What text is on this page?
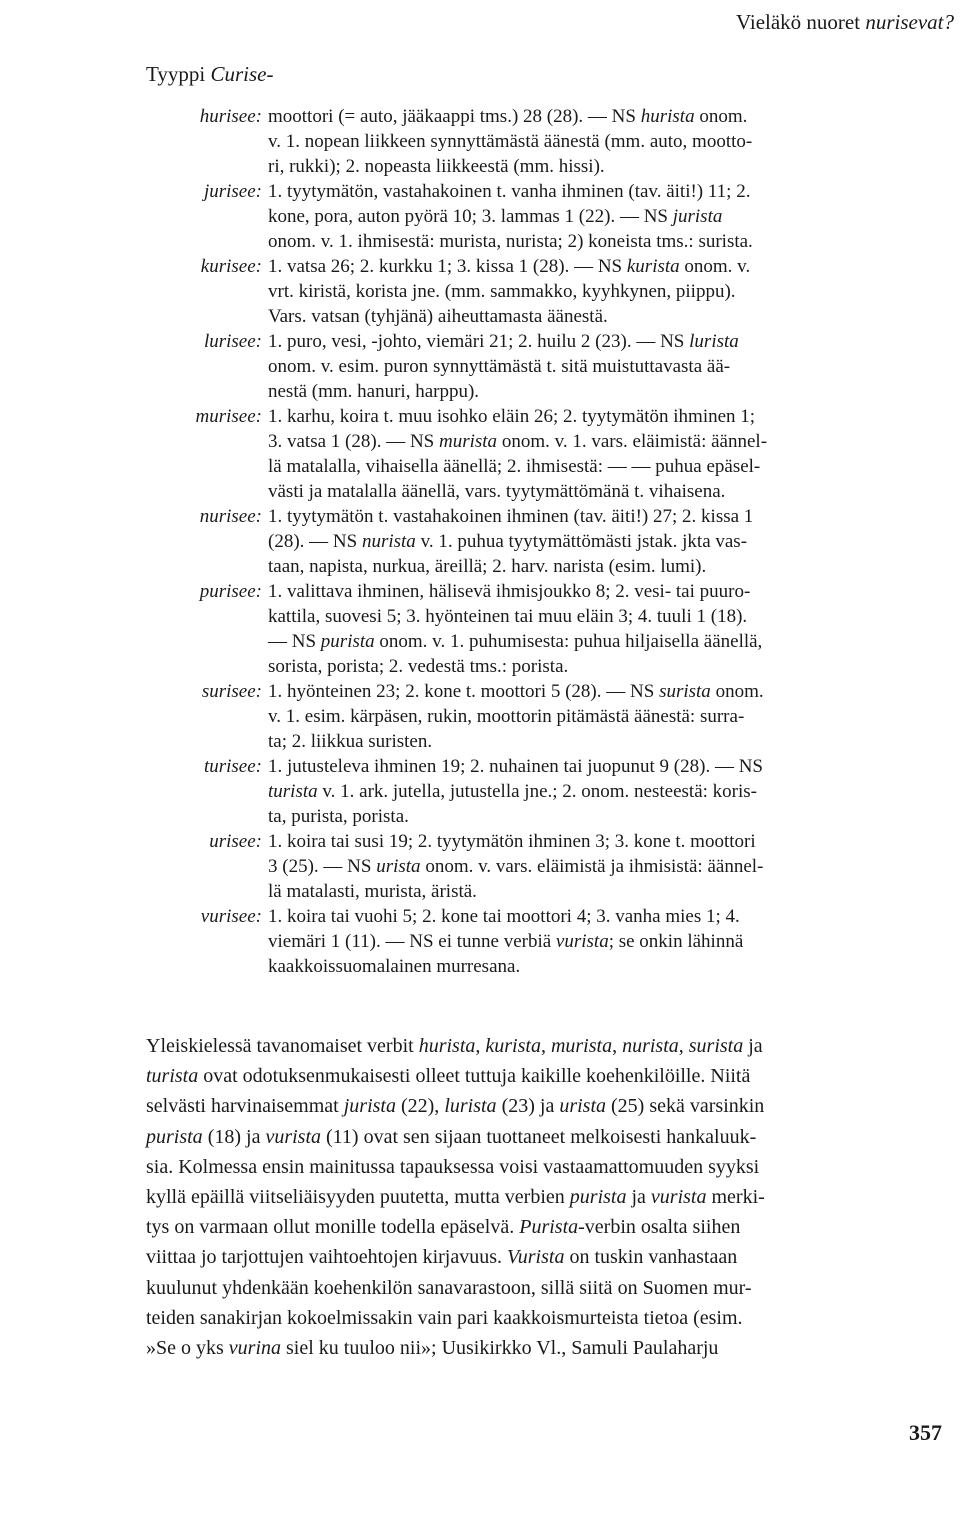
Vieläkö nuoret nurisevat?
Tyyppi Curise-
hurisee: moottori (= auto, jääkaappi tms.) 28 (28). — NS hurista onom.
v. 1. nopean liikkeen synnyttämästä äänestä (mm. auto, mootto-
ri, rukki); 2. nopeasta liikkeestä (mm. hissi).
jurisee: 1. tyytymätön, vastahakoinen t. vanha ihminen (tav. äiti!) 11; 2.
kone, pora, auton pyörä 10; 3. lammas 1 (22). — NS jurista
onom. v. 1. ihmisestä: murista, nurista; 2) koneista tms.: surista.
kurisee: 1. vatsa 26; 2. kurkku 1; 3. kissa 1 (28). — NS kurista onom. v.
vrt. kiristä, korista jne. (mm. sammakko, kyyhkynen, piippu).
Vars. vatsan (tyhjänä) aiheuttamasta äänestä.
lurisee: 1. puro, vesi, -johto, viemäri 21; 2. huilu 2 (23). — NS lurista
onom. v. esim. puron synnyttämästä t. sitä muistuttavasta ää-
nestä (mm. hanuri, harppu).
murisee: 1. karhu, koira t. muu isohko eläin 26; 2. tyytymätön ihminen 1;
3. vatsa 1 (28). — NS murista onom. v. 1. vars. eläimistä: äännel-
lä matalalla, vihaisella äänellä; 2. ihmisestä: — — puhua epäsel-
västi ja matalalla äänellä, vars. tyytymättömänä t. vihaisena.
nurisee: 1. tyytymätön t. vastahakoinen ihminen (tav. äiti!) 27; 2. kissa 1
(28). — NS nurista v. 1. puhua tyytymättömästi jstak. jkta vas-
taan, napista, nurkua, äreillä; 2. harv. narista (esim. lumi).
purisee: 1. valittava ihminen, hälisevä ihmisjoukko 8; 2. vesi- tai puuro-
kattila, suovesi 5; 3. hyönteinen tai muu eläin 3; 4. tuuli 1 (18).
— NS purista onom. v. 1. puhumisesta: puhua hiljaisella äänellä,
sorista, porista; 2. vedestä tms.: porista.
surisee: 1. hyönteinen 23; 2. kone t. moottori 5 (28). — NS surista onom.
v. 1. esim. kärpäsen, rukin, moottorin pitämästä äänestä: surra-
ta; 2. liikkua suristen.
turisee: 1. jutusteleva ihminen 19; 2. nuhainen tai juopunut 9 (28). — NS
turista v. 1. ark. jutella, jutustella jne.; 2. onom. nesteestä: koris-
ta, purista, porista.
urisee: 1. koira tai susi 19; 2. tyytymätön ihminen 3; 3. kone t. moottori
3 (25). — NS urista onom. v. vars. eläimistä ja ihmisistä: äännel-
lä matalasti, murista, äristä.
vurisee: 1. koira tai vuohi 5; 2. kone tai moottori 4; 3. vanha mies 1; 4.
viemäri 1 (11). — NS ei tunne verbiä vurista; se onkin lähinnä
kaakkoissuomalainen murresana.
Yleiskielessä tavanomaiset verbit hurista, kurista, murista, nurista, surista ja
turista ovat odotuksenmukaisesti olleet tuttuja kaikille koehenkilöille. Niitä
selvästi harvinaisemmat jurista (22), lurista (23) ja urista (25) sekä varsinkin
purista (18) ja vurista (11) ovat sen sijaan tuottaneet melkoisesti hankaluuk-
sia. Kolmessa ensin mainitussa tapauksessa voisi vastaamattomuuden syyksi
kyllä epäillä viitseliäisyyden puutetta, mutta verbien purista ja vurista merki-
tys on varmaan ollut monille todella epäselvä. Purista-verbin osalta siihen
viittaa jo tarjottujen vaihtoehtojen kirjavuus. Vurista on tuskin vanhastaan
kuulunut yhdenkään koehenkilön sanavarastoon, sillä siitä on Suomen mur-
teiden sanakirjan kokoelmissakin vain pari kaakkoismurteista tietoa (esim.
»Se o yks vurina siel ku tuuloo nii»; Uusikirkko Vl., Samuli Paulaharju
357
